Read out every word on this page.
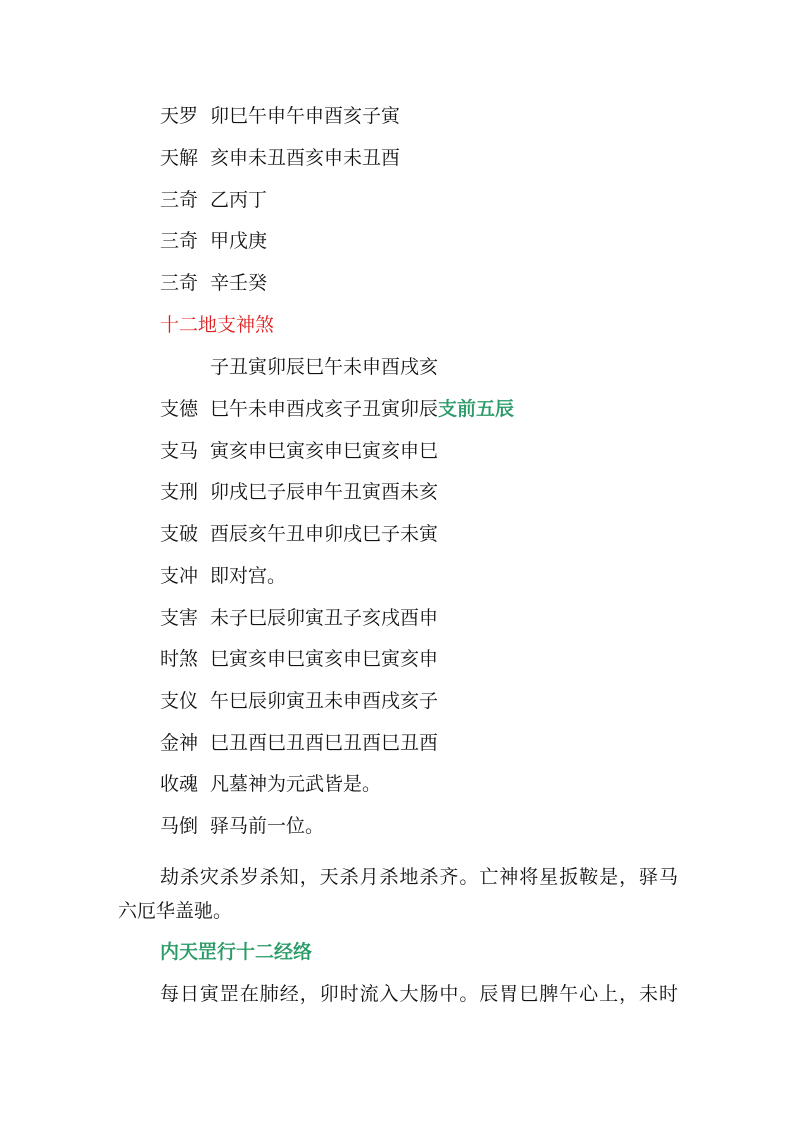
天罗 卯巳午申午申酉亥子寅
天解 亥申未丑酉亥申未丑酉
三奇 乙丙丁
三奇 甲戊庚
三奇 辛壬癸
十二地支神煞
子丑寅卯辰巳午未申酉戌亥
支德 巳午未申酉戌亥子丑寅卯辰支前五辰
支马 寅亥申巳寅亥申巳寅亥申巳
支刑 卯戌巳子辰申午丑寅酉未亥
支破 酉辰亥午丑申卯戌巳子未寅
支冲 即对宫。
支害 未子巳辰卯寅丑子亥戌酉申
时煞 巳寅亥申巳寅亥申巳寅亥申
支仪 午巳辰卯寅丑未申酉戌亥子
金神 巳丑酉巳丑酉巳丑酉巳丑酉
收魂 凡墓神为元武皆是。
马倒 驿马前一位。
劫杀灾杀岁杀知，天杀月杀地杀齐。亡神将星扳鞍是，驿马
六厄华盖驰。
内天罡行十二经络
每日寅罡在肺经，卯时流入大肠中。辰胃巳脾午心上，未时
